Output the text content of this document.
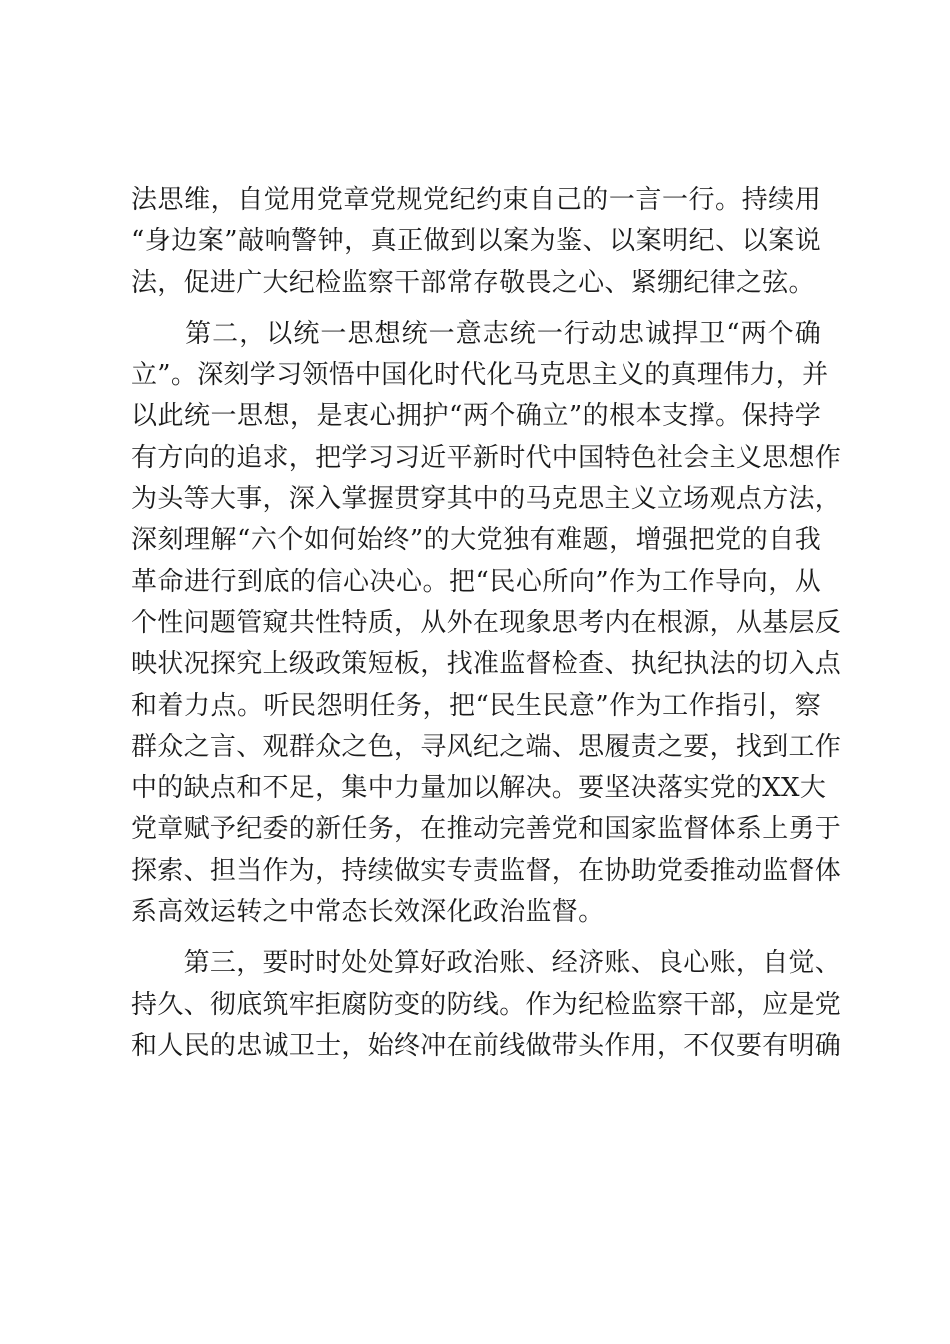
法思维，自觉用党章党规党纪约束自己的一言一行。持续用
“身边案”敲响警钟，真正做到以案为鉴、以案明纪、以案说
法，促进广大纪检监察干部常存敬畏之心、紧绷纪律之弦。
　　第二，以统一思想统一意志统一行动忠诚捍卫“两个确
立”。深刻学习领悟中国化时代化马克思主义的真理伟力，并
以此统一思想，是衷心拥护“两个确立”的根本支撑。保持学
有方向的追求，把学习习近平新时代中国特色社会主义思想作
为头等大事，深入掌握贯穿其中的马克思主义立场观点方法，
深刻理解“六个如何始终”的大党独有难题，增强把党的自我
革命进行到底的信心决心。把“民心所向”作为工作导向，从
个性问题管窥共性特质，从外在现象思考内在根源，从基层反
映状况探究上级政策短板，找准监督检查、执纪执法的切入点
和着力点。听民怨明任务，把“民生民意”作为工作指引，察
群众之言、观群众之色，寻风纪之端、思履责之要，找到工作
中的缺点和不足，集中力量加以解决。要坚决落实党的XX大
党章赋予纪委的新任务，在推动完善党和国家监督体系上勇于
探索、担当作为，持续做实专责监督，在协助党委推动监督体
系高效运转之中常态长效深化政治监督。
　　第三，要时时处处算好政治账、经济账、良心账，自觉、
持久、彻底筑牢拒腐防变的防线。作为纪检监察干部，应是党
和人民的忠诚卫士，始终冲在前线做带头作用，不仅要有明确
